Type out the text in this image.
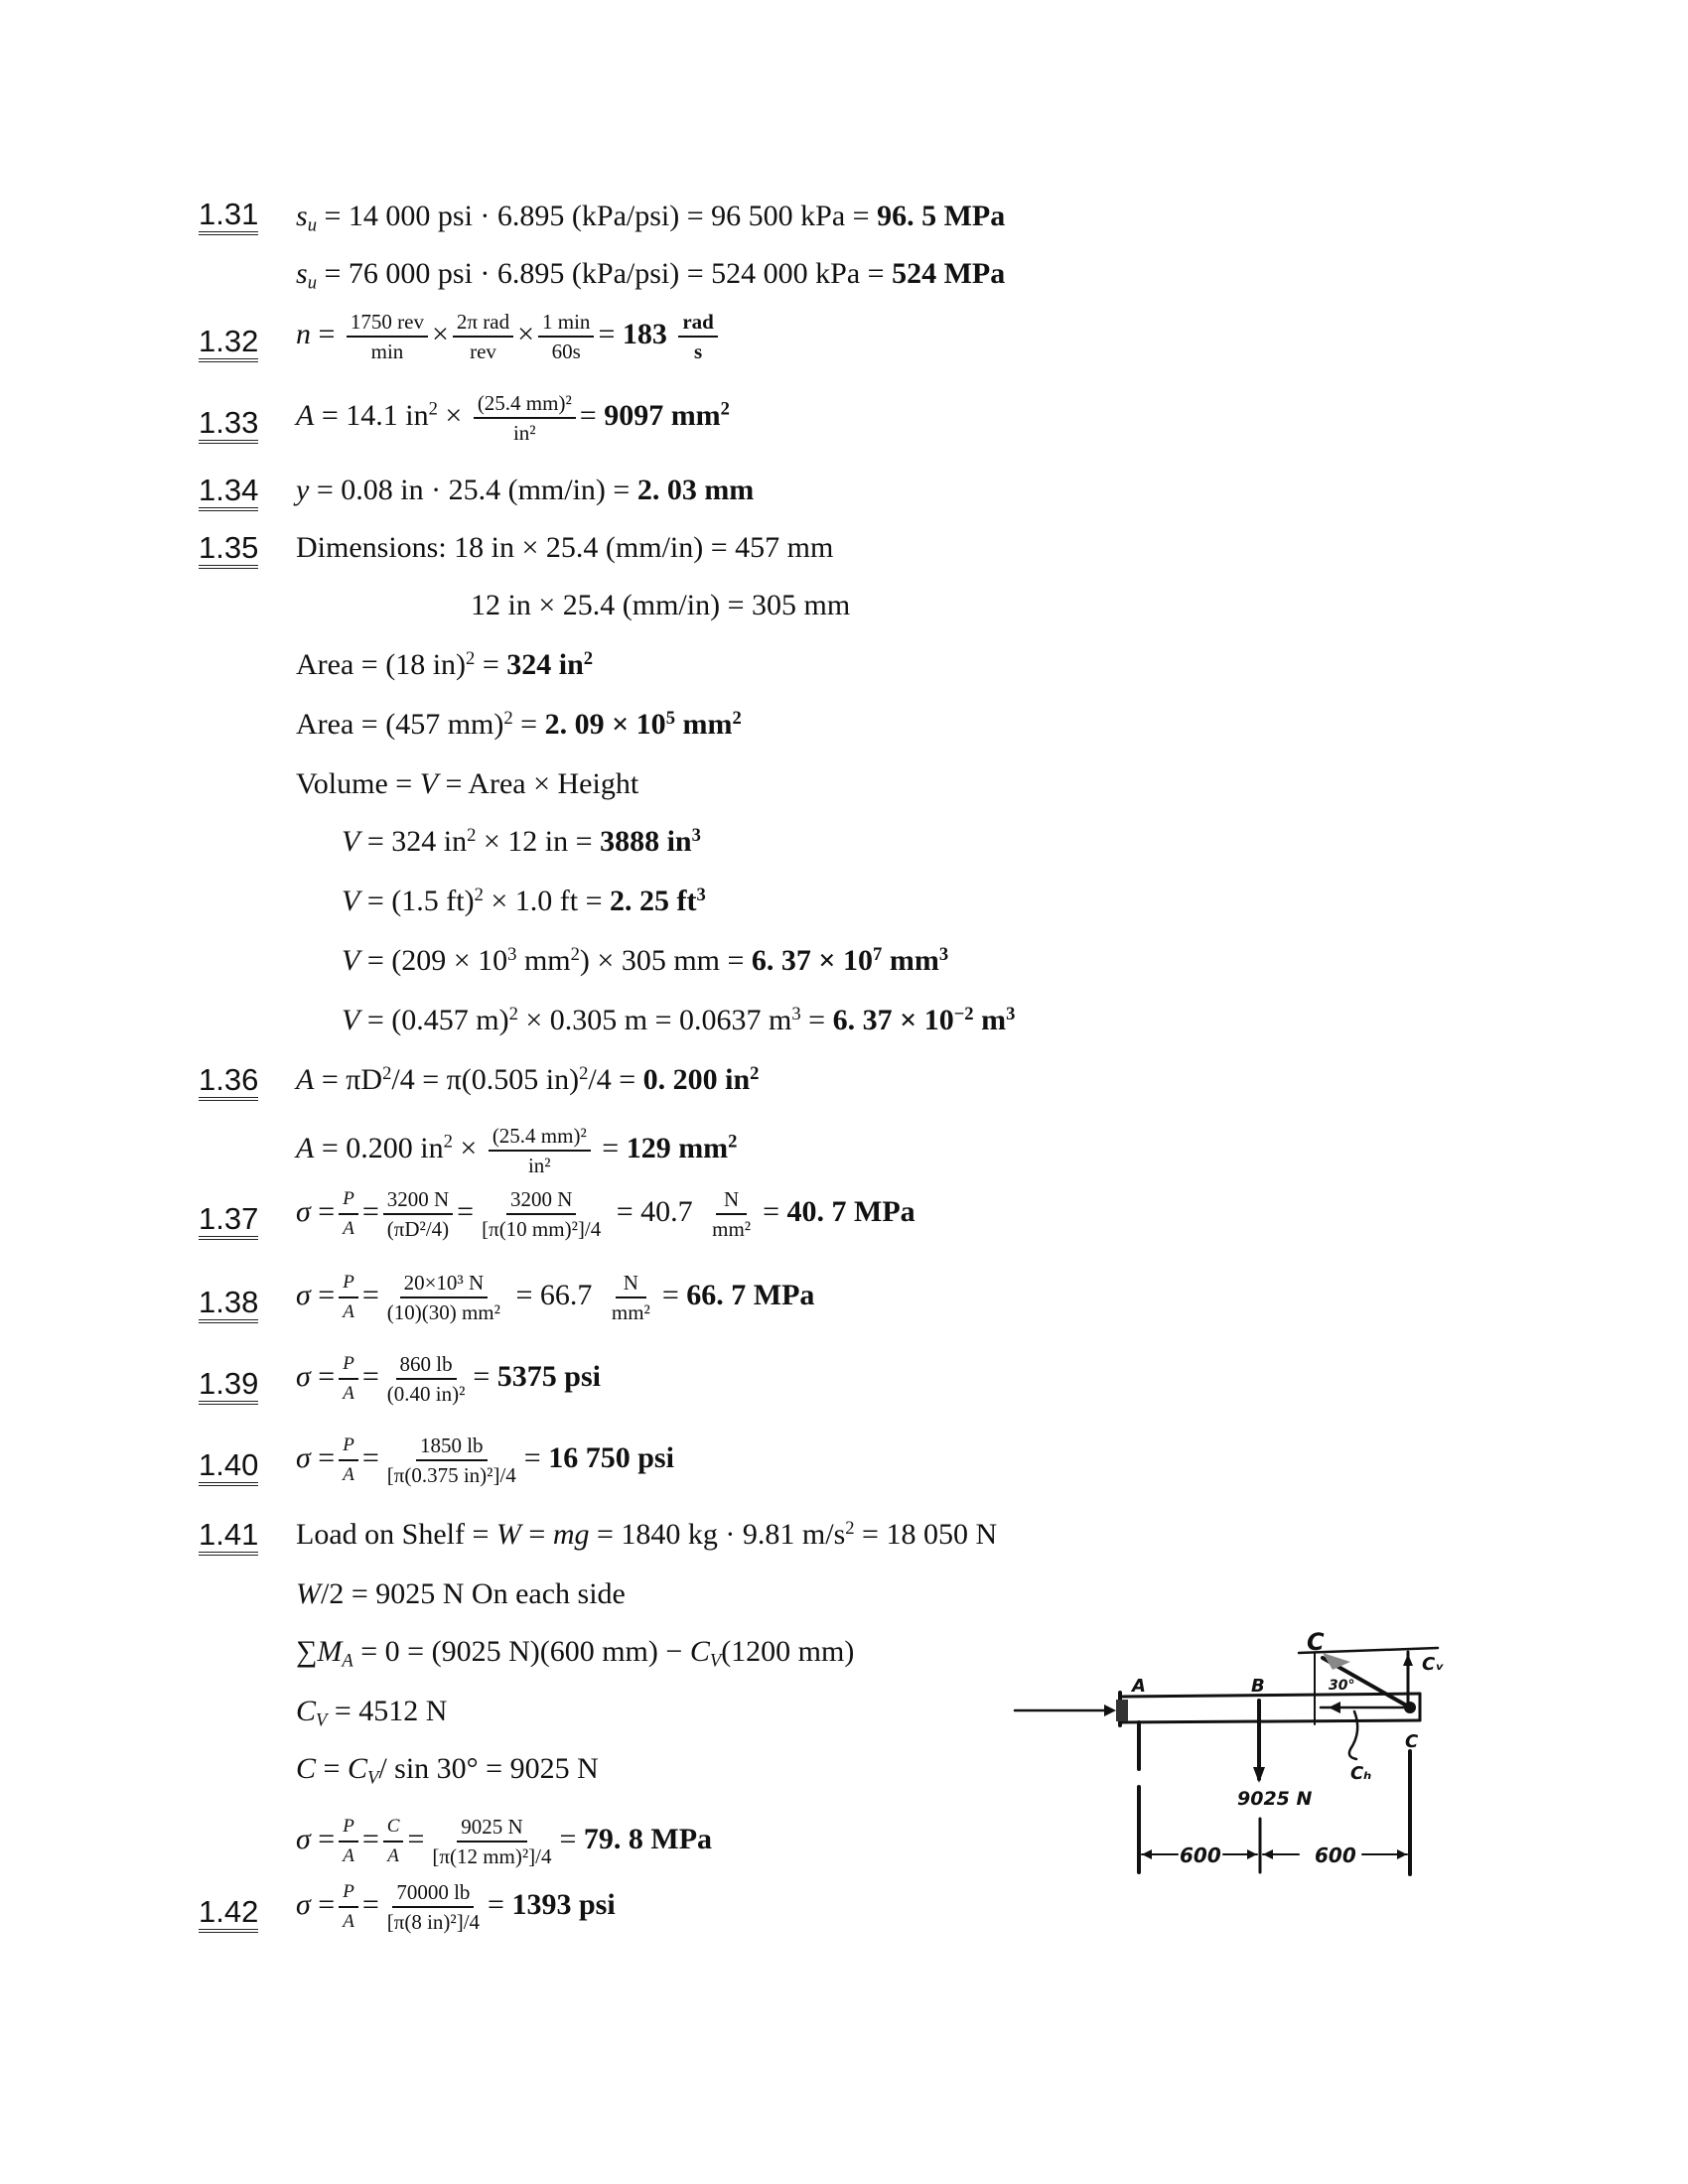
1.31 $s_u = 14$ 000 psi · 6.895 (kPa/psi) = 96 500 kPa = 96. 5 MPa
$s_u = 76$ 000 psi · 6.895 (kPa/psi) = 524 000 kPa = 524 MPa
1.32 $n = \frac{\text{1750 rev}}{\min} \times \frac{\text{2π rad}}{\text{rev}} \times \frac{1 \min}{60s} = 183 \frac{\text{rad}}{s}$
1.33 A = 14.1 $in^2 \times \frac{\text{(25.4 mm)²}}{\text{in²}} = 9097$ $mm^2$
1.34 y = 0.08 in · 25.4 (mm/in) = 2. 03 mm
1.35 Dimensions: 18 in × 25.4 (mm/in) = 457 mm
12 in × 25.4 (mm/in) = 305 mm
Area = (18 in)$^2$ = 324 $in^2$
Area = (457 mm)$^2$ = 2. $09 \times 10^5$ $mm^2$
Volume = V = Area × Height
V = 324 $in^2 \times 12$ in = 3888 $in^3$
V = (1.5 ft)$^2$ × 1.0 ft = 2. 25 $ft^3$
$V = (209 \times 10^3$ $mm^2) \times 305$ mm = 6. $37 \times 10^7$ $mm^3$
V = (0.457 m)$^2$ × 0.305 m = 0.0637 $m^3 = 6$. $37 \times 10^{-2}$ $m^3$
1.36 $A = \pi D^2/4 = \pi(0.505$ in)$^2$/4 = 0. 200 $in^2$
A = 0.200 $in^2 \times \frac{\text{(25.4 mm)²}}{\text{in²}} = 129$ $mm^2$
1.37 $\sigma = \frac{P}{A} = \frac{3200 N}{\text{(πD²/4)}} = \frac{3200 N}{\text{[π(10 mm)²]/4}} = 40.7 \frac{N}{\text{mm²}} = 40$. 7 MPa
1.38 $\sigma = \frac{P}{A} = \frac{\text{20×10³ N}}{\text{(10)(30) mm²}} = 66.7 \frac{N}{\text{mm²}} = 66$. 7 MPa
1.39 $\sigma = \frac{P}{A} = \frac{860 lb}{\text{(0.40 in)²}} = 5375$ psi
1.40 $\sigma = \frac{P}{A} = \frac{1850 lb}{\text{[π(0.375 in)²]/4}} = 16$ 750 psi
1.41 Load on Shelf = W = mg = 1840 kg · 9.81 $m/s^2 = 18$ 050 N
W/2 = 9025 N On each side
$\sum M_A = 0 = (9025$ N)(600 $mm) - C_V(1200$ mm)
$C_V = 4512$ N
$C = C_V/$ sin 30° = 9025 N
$\sigma = \frac{P}{A} = \frac{C}{A} = \frac{9025 N}{\text{[π(12 mm)²]/4}} = 79$. 8 MPa
1.42 $\sigma = \frac{P}{A} = \frac{70000 lb}{\text{[π(8 in)²]/4}} = 1393$ psi
A	B
C
C
Cᵥ
Cₕ
30°
9025 N
600	600
